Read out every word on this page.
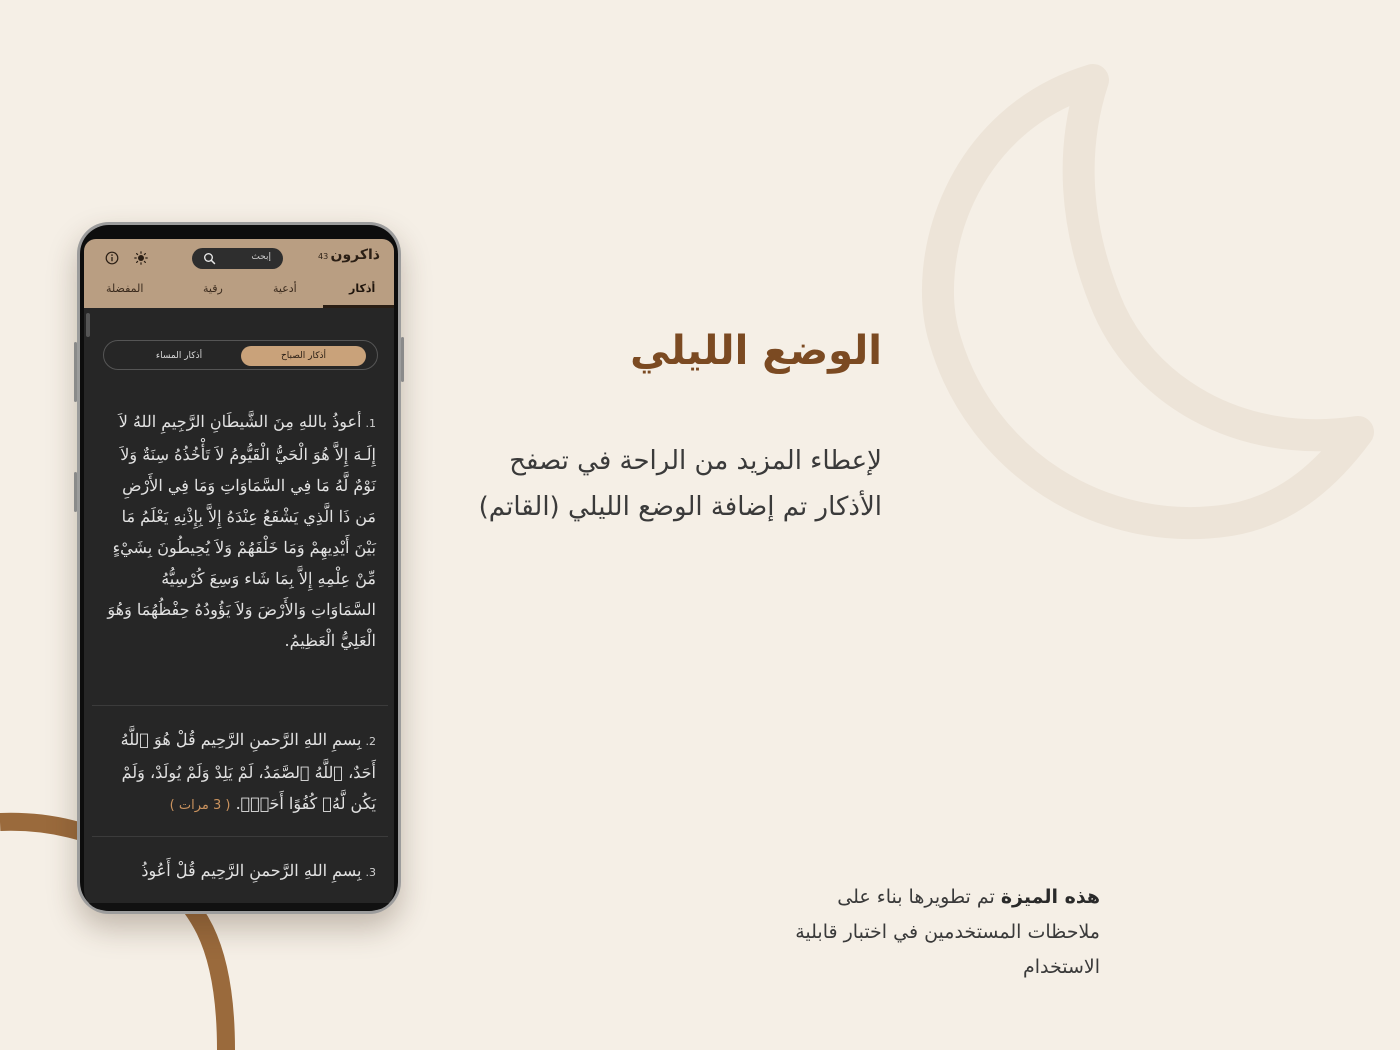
ذاكرون
43
إبحث
أذكار
أدعية
رقية
المفضلة
أذكار الصباح
أذكار المساء
1.أعوذُ باللهِ مِنَ الشَّيطَانِ الرَّجِيمِ اللهُ لاَ إِلَـهَ إِلاَّ هُوَ الْحَيُّ الْقَيُّومُ لاَ تَأْخُذُهُ سِنَةٌ وَلاَ نَوْمٌ لَّهُ مَا فِي السَّمَاوَاتِ وَمَا فِي الأَرْضِ مَن ذَا الَّذِي يَشْفَعُ عِنْدَهُ إِلاَّ بِإِذْنِهِ يَعْلَمُ مَا بَيْنَ أَيْدِيهِمْ وَمَا خَلْفَهُمْ وَلاَ يُحِيطُونَ بِشَيْءٍ مِّنْ عِلْمِهِ إِلاَّ بِمَا شَاء وَسِعَ كُرْسِيُّهُ السَّمَاوَاتِ وَالأَرْضَ وَلاَ يَؤُودُهُ حِفْظُهُمَا وَهُوَ الْعَلِيُّ الْعَظِيمُ.
2.بِسمِ اللهِ الرَّحمنِ الرَّحِيم قُلْ هُوَ ٱللَّهُ أَحَدٌ، ٱللَّهُ ٱلصَّمَدُ، لَمْ يَلِدْ وَلَمْ يُولَدْ، وَلَمْ يَكُن لَّهُۥ كُفُوًا أَحَدٌۢ. ( 3 مرات )
3.بِسمِ اللهِ الرَّحمنِ الرَّحِيم قُلْ أَعُوذُ
الوضع الليلي
لإعطاء المزيد من الراحة في تصفح الأذكار تم إضافة الوضع الليلي (القاتم)
هذه الميزة تم تطويرها بناء على ملاحظات المستخدمين في اختبار قابلية الاستخدام
